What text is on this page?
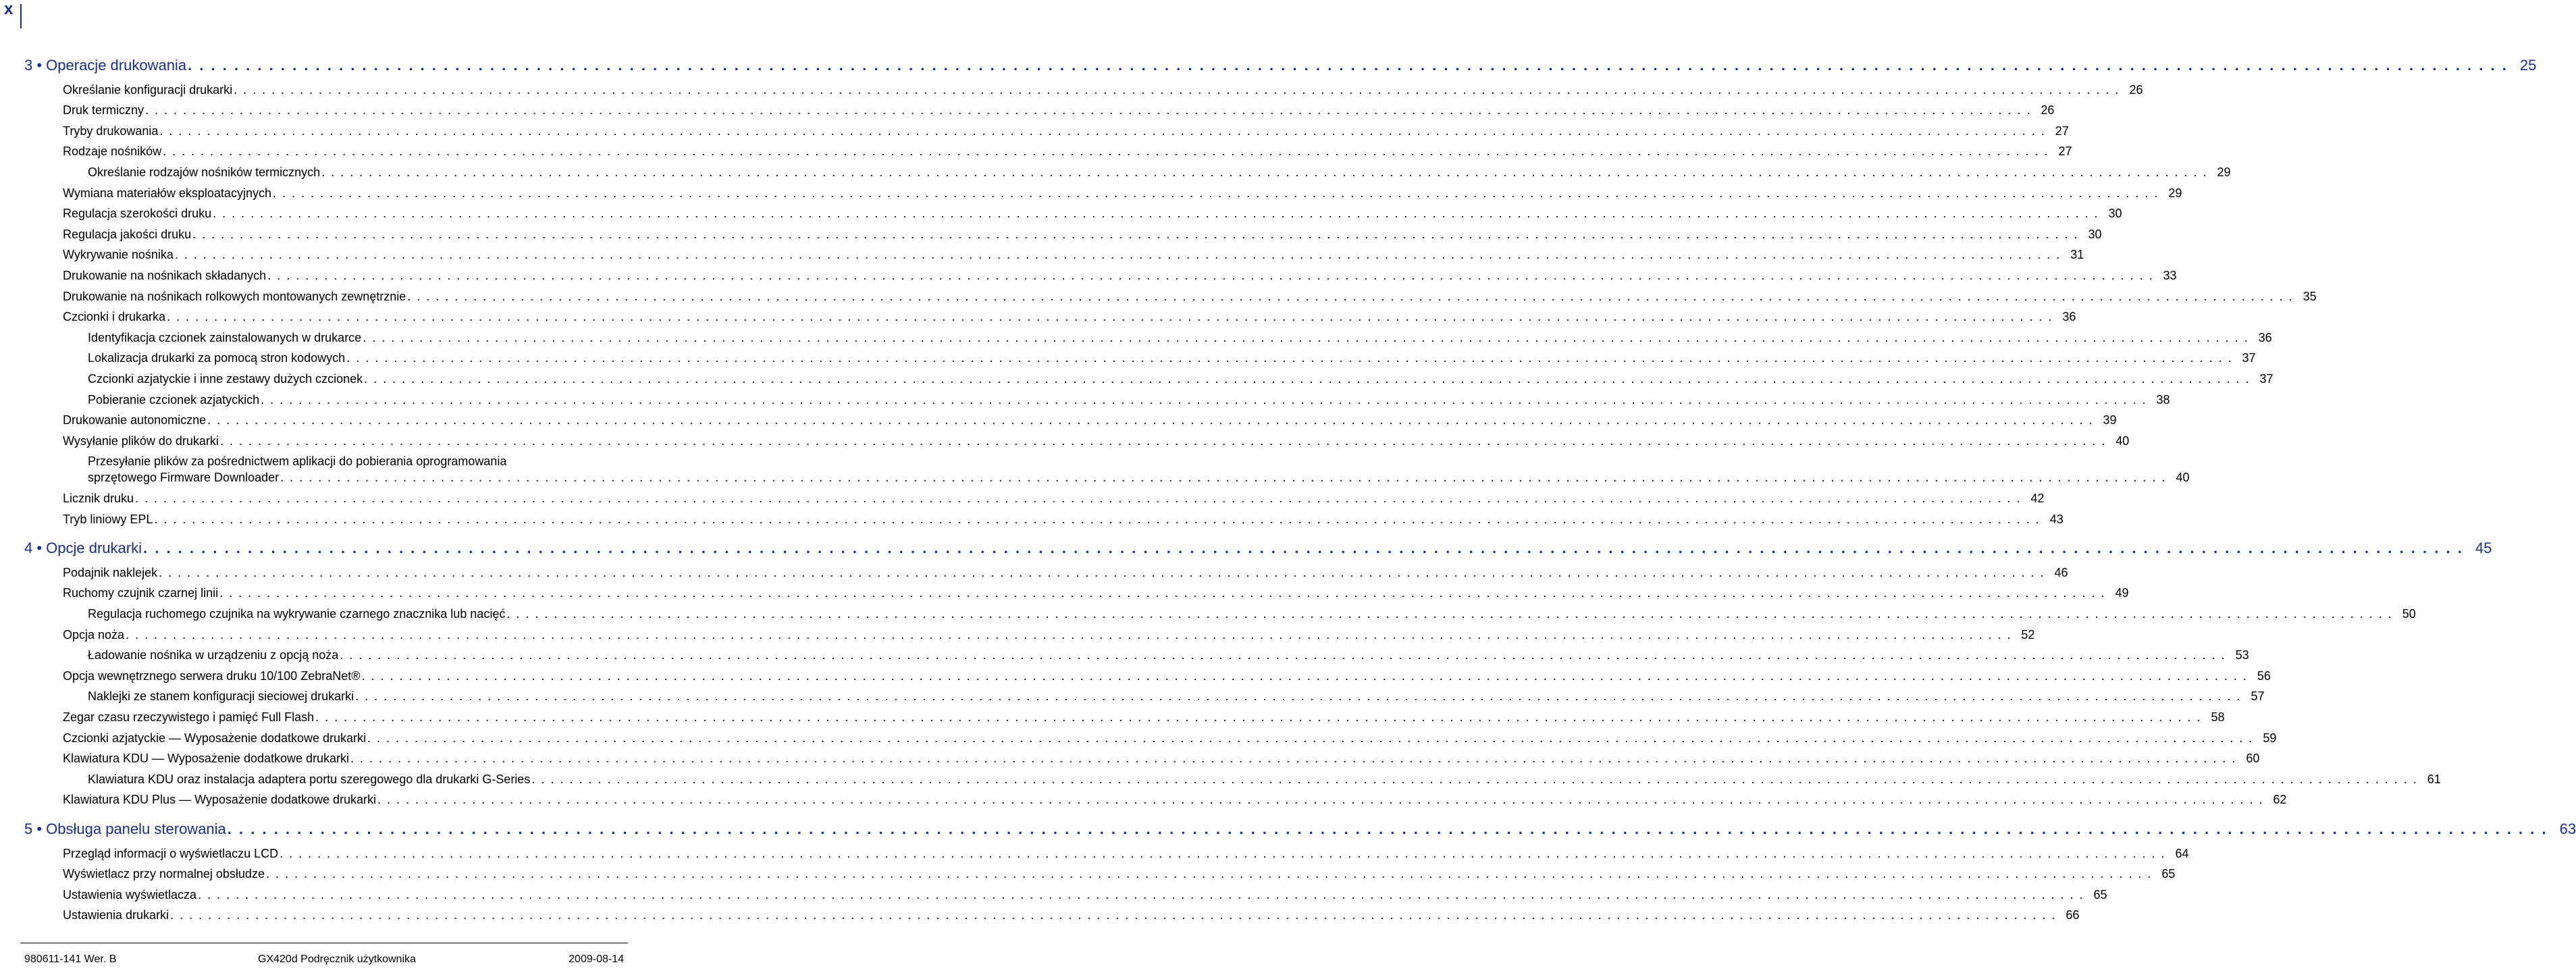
x
3 • Operacje drukowania . . . . . . . . . . . . . . . . . . . . . . . . . . . . . . . . . . . . . . . . . . . . . . . . . . . . . . . . . . . . . . . . . . . . . . . . . . . . . . . . . . . . . . . . . . . . . . . . . . . . . . . . . . . . . . . . . . . . . . . . . . . . . . . . . . . . . . . . . . . . . . . . . . . . . . . . . . . . . . . . . . . . . . . . . . . . . . . . . . . . . . . . . . . . . . . . . . . . . . . . 25
Określanie konfiguracji drukarki . . . . . . . . . . . . . . . . . . . . . . . . . . . . . . . . . . . . . . . . . . . . . . . . . . . . . . . . . . . . . . . . . . . . . . . . . . . . . . . . . . . . . . . . . . . . . . . . . . . . . . . . . . . . . . . . . . . . . . . . . . . . . . . . . . . . . . . . . . . . . . . . . . . . . . . . . . . . . . . . . . . . . . . . . . . . . . . . . . . . . . . . . . . . . . . . . . . . . . . . 26
Druk termiczny . . . . . . . . . . . . . . . . . . . . . . . . . . . . . . . . . . . . . . . . . . . . . . . . . . . . . . . . . . . . . . . . . . . . . . . . . . . . . . . . . . . . . . . . . . . . . . . . . . . . . . . . . . . . . . . . . . . . . . . . . . . . . . . . . . . . . . . . . . . . . . . . . . . . . . . . . . . . . . . . . . . . . . . . . . . . . . . . . . . . . . . . . . . . . . . . . . . . . . . . 26
Tryby drukowania . . . . . . . . . . . . . . . . . . . . . . . . . . . . . . . . . . . . . . . . . . . . . . . . . . . . . . . . . . . . . . . . . . . . . . . . . . . . . . . . . . . . . . . . . . . . . . . . . . . . . . . . . . . . . . . . . . . . . . . . . . . . . . . . . . . . . . . . . . . . . . . . . . . . . . . . . . . . . . . . . . . . . . . . . . . . . . . . . . . . . . . . . . . . . . . . . . . . . . . . 27
Rodzaje nośników . . . . . . . . . . . . . . . . . . . . . . . . . . . . . . . . . . . . . . . . . . . . . . . . . . . . . . . . . . . . . . . . . . . . . . . . . . . . . . . . . . . . . . . . . . . . . . . . . . . . . . . . . . . . . . . . . . . . . . . . . . . . . . . . . . . . . . . . . . . . . . . . . . . . . . . . . . . . . . . . . . . . . . . . . . . . . . . . . . . . . . . . . . . . . . . . . . . . . . . . 27
Określanie rodzajów nośników termicznych . . . . . . . . . . . . . . . . . . . . . . . . . . . . . . . . . . . . . . . . . . . . . . . . . . . . . . . . . . . . . . . . . . . . . . . . . . . . . . . . . . . . . . . . . . . . . . . . . . . . . . . . . . . . . . . . . . . . . . . . . . . . . . . . . . . . . . . . . . . . . . . . . . . . . . . . . . . . . . . . . . . . . . . . . . . . . . . . . . . . . . . . . . . . . . . . . . . . . . . . 29
Wymiana materiałów eksploatacyjnych . . . . . . . . . . . . . . . . . . . . . . . . . . . . . . . . . . . . . . . . . . . . . . . . . . . . . . . . . . . . . . . . . . . . . . . . . . . . . . . . . . . . . . . . . . . . . . . . . . . . . . . . . . . . . . . . . . . . . . . . . . . . . . . . . . . . . . . . . . . . . . . . . . . . . . . . . . . . . . . . . . . . . . . . . . . . . . . . . . . . . . . . . . . . . . . . . . . . . . . . 29
Regulacja szerokości druku . . . . . . . . . . . . . . . . . . . . . . . . . . . . . . . . . . . . . . . . . . . . . . . . . . . . . . . . . . . . . . . . . . . . . . . . . . . . . . . . . . . . . . . . . . . . . . . . . . . . . . . . . . . . . . . . . . . . . . . . . . . . . . . . . . . . . . . . . . . . . . . . . . . . . . . . . . . . . . . . . . . . . . . . . . . . . . . . . . . . . . . . . . . . . . . . . . . . . . . . 30
Regulacja jakości druku . . . . . . . . . . . . . . . . . . . . . . . . . . . . . . . . . . . . . . . . . . . . . . . . . . . . . . . . . . . . . . . . . . . . . . . . . . . . . . . . . . . . . . . . . . . . . . . . . . . . . . . . . . . . . . . . . . . . . . . . . . . . . . . . . . . . . . . . . . . . . . . . . . . . . . . . . . . . . . . . . . . . . . . . . . . . . . . . . . . . . . . . . . . . . . . . . . . . . . . . 30
Wykrywanie nośnika . . . . . . . . . . . . . . . . . . . . . . . . . . . . . . . . . . . . . . . . . . . . . . . . . . . . . . . . . . . . . . . . . . . . . . . . . . . . . . . . . . . . . . . . . . . . . . . . . . . . . . . . . . . . . . . . . . . . . . . . . . . . . . . . . . . . . . . . . . . . . . . . . . . . . . . . . . . . . . . . . . . . . . . . . . . . . . . . . . . . . . . . . . . . . . . . . . . . . . . . 31
Drukowanie na nośnikach składanych . . . . . . . . . . . . . . . . . . . . . . . . . . . . . . . . . . . . . . . . . . . . . . . . . . . . . . . . . . . . . . . . . . . . . . . . . . . . . . . . . . . . . . . . . . . . . . . . . . . . . . . . . . . . . . . . . . . . . . . . . . . . . . . . . . . . . . . . . . . . . . . . . . . . . . . . . . . . . . . . . . . . . . . . . . . . . . . . . . . . . . . . . . . . . . . . . . . . . . . . 33
Drukowanie na nośnikach rolkowych montowanych zewnętrznie . . . . . . . . . . . . . . . . . . . . . . . . . . . . . . . . . . . . . . . . . . . . . . . . . . . . . . . . . . . . . . . . . . . . . . . . . . . . . . . . . . . . . . . . . . . . . . . . . . . . . . . . . . . . . . . . . . . . . . . . . . . . . . . . . . . . . . . . . . . . . . . . . . . . . . . . . . . . . . . . . . . . . . . . . . . . . . . . . . . . . . . . . . . . . . . . . . . . . . . . 35
Czcionki i drukarka . . . . . . . . . . . . . . . . . . . . . . . . . . . . . . . . . . . . . . . . . . . . . . . . . . . . . . . . . . . . . . . . . . . . . . . . . . . . . . . . . . . . . . . . . . . . . . . . . . . . . . . . . . . . . . . . . . . . . . . . . . . . . . . . . . . . . . . . . . . . . . . . . . . . . . . . . . . . . . . . . . . . . . . . . . . . . . . . . . . . . . . . . . . . . . . . . . . . . . . . 36
Identyfikacja czcionek zainstalowanych w drukarce . . . . . . . . . . . . . . . . . . . . . . . . . . . . . . . . . . . . . . . . . . . . . . . . . . . . . . . . . . . . . . . . . . . . . . . . . . . . . . . . . . . . . . . . . . . . . . . . . . . . . . . . . . . . . . . . . . . . . . . . . . . . . . . . . . . . . . . . . . . . . . . . . . . . . . . . . . . . . . . . . . . . . . . . . . . . . . . . . . . . . . . . . . . . . . . . . . . . . . . . 36
Lokalizacja drukarki za pomocą stron kodowych . . . . . . . . . . . . . . . . . . . . . . . . . . . . . . . . . . . . . . . . . . . . . . . . . . . . . . . . . . . . . . . . . . . . . . . . . . . . . . . . . . . . . . . . . . . . . . . . . . . . . . . . . . . . . . . . . . . . . . . . . . . . . . . . . . . . . . . . . . . . . . . . . . . . . . . . . . . . . . . . . . . . . . . . . . . . . . . . . . . . . . . . . . . . . . . . . . . . . . . . 37
Czcionki azjatyckie i inne zestawy dużych czcionek . . . . . . . . . . . . . . . . . . . . . . . . . . . . . . . . . . . . . . . . . . . . . . . . . . . . . . . . . . . . . . . . . . . . . . . . . . . . . . . . . . . . . . . . . . . . . . . . . . . . . . . . . . . . . . . . . . . . . . . . . . . . . . . . . . . . . . . . . . . . . . . . . . . . . . . . . . . . . . . . . . . . . . . . . . . . . . . . . . . . . . . . . . . . . . . . . . . . . . . . 37
Pobieranie czcionek azjatyckich . . . . . . . . . . . . . . . . . . . . . . . . . . . . . . . . . . . . . . . . . . . . . . . . . . . . . . . . . . . . . . . . . . . . . . . . . . . . . . . . . . . . . . . . . . . . . . . . . . . . . . . . . . . . . . . . . . . . . . . . . . . . . . . . . . . . . . . . . . . . . . . . . . . . . . . . . . . . . . . . . . . . . . . . . . . . . . . . . . . . . . . . . . . . . . . . . . . . . . . . 38
Drukowanie autonomiczne . . . . . . . . . . . . . . . . . . . . . . . . . . . . . . . . . . . . . . . . . . . . . . . . . . . . . . . . . . . . . . . . . . . . . . . . . . . . . . . . . . . . . . . . . . . . . . . . . . . . . . . . . . . . . . . . . . . . . . . . . . . . . . . . . . . . . . . . . . . . . . . . . . . . . . . . . . . . . . . . . . . . . . . . . . . . . . . . . . . . . . . . . . . . . . . . . . . . . . . . 39
Wysyłanie plików do drukarki . . . . . . . . . . . . . . . . . . . . . . . . . . . . . . . . . . . . . . . . . . . . . . . . . . . . . . . . . . . . . . . . . . . . . . . . . . . . . . . . . . . . . . . . . . . . . . . . . . . . . . . . . . . . . . . . . . . . . . . . . . . . . . . . . . . . . . . . . . . . . . . . . . . . . . . . . . . . . . . . . . . . . . . . . . . . . . . . . . . . . . . . . . . . . . . . . . . . . . . . 40
Przesyłanie plików za pośrednictwem aplikacji do pobierania oprogramowania
sprzętowego Firmware Downloader . . . . . . . . . . . . . . . . . . . . . . . . . . . . . . . . . . . . . . . . . . . . . . . . . . . . . . . . . . . . . . . . . . . . . . . . . . . . . . . . . . . . . . . . . . . . . . . . . . . . . . . . . . . . . . . . . . . . . . . . . . . . . . . . . . . . . . . . . . . . . . . . . . . . . . . . . . . . . . . . . . . . . . . . . . . . . . . . . . . . . . . . . . . . . . . . . . . . . . . . 40
Licznik druku . . . . . . . . . . . . . . . . . . . . . . . . . . . . . . . . . . . . . . . . . . . . . . . . . . . . . . . . . . . . . . . . . . . . . . . . . . . . . . . . . . . . . . . . . . . . . . . . . . . . . . . . . . . . . . . . . . . . . . . . . . . . . . . . . . . . . . . . . . . . . . . . . . . . . . . . . . . . . . . . . . . . . . . . . . . . . . . . . . . . . . . . . . . . . . . . . . . . . . . . 42
Tryb liniowy EPL . . . . . . . . . . . . . . . . . . . . . . . . . . . . . . . . . . . . . . . . . . . . . . . . . . . . . . . . . . . . . . . . . . . . . . . . . . . . . . . . . . . . . . . . . . . . . . . . . . . . . . . . . . . . . . . . . . . . . . . . . . . . . . . . . . . . . . . . . . . . . . . . . . . . . . . . . . . . . . . . . . . . . . . . . . . . . . . . . . . . . . . . . . . . . . . . . . . . . . . . 43
4 • Opcje drukarki . . . . . . . . . . . . . . . . . . . . . . . . . . . . . . . . . . . . . . . . . . . . . . . . . . . . . . . . . . . . . . . . . . . . . . . . . . . . . . . . . . . . . . . . . . . . . . . . . . . . . . . . . . . . . . . . . . . . . . . . . . . . . . . . . . . . . . . . . . . . . . . . . . . . . . . . . . . . . . . . . . . . . . . . . . . . . . . . . . . . . . . . . . . . . . . . . . . . . . . . 45
Podajnik naklejek . . . . . . . . . . . . . . . . . . . . . . . . . . . . . . . . . . . . . . . . . . . . . . . . . . . . . . . . . . . . . . . . . . . . . . . . . . . . . . . . . . . . . . . . . . . . . . . . . . . . . . . . . . . . . . . . . . . . . . . . . . . . . . . . . . . . . . . . . . . . . . . . . . . . . . . . . . . . . . . . . . . . . . . . . . . . . . . . . . . . . . . . . . . . . . . . . . . . . . . . 46
Ruchomy czujnik czarnej linii . . . . . . . . . . . . . . . . . . . . . . . . . . . . . . . . . . . . . . . . . . . . . . . . . . . . . . . . . . . . . . . . . . . . . . . . . . . . . . . . . . . . . . . . . . . . . . . . . . . . . . . . . . . . . . . . . . . . . . . . . . . . . . . . . . . . . . . . . . . . . . . . . . . . . . . . . . . . . . . . . . . . . . . . . . . . . . . . . . . . . . . . . . . . . . . . . . . . . . . . 49
Regulacja ruchomego czujnika na wykrywanie czarnego znacznika lub nacięć . . . . . . . . . . . . . . . . . . . . . . . . . . . . . . . . . . . . . . . . . . . . . . . . . . . . . . . . . . . . . . . . . . . . . . . . . . . . . . . . . . . . . . . . . . . . . . . . . . . . . . . . . . . . . . . . . . . . . . . . . . . . . . . . . . . . . . . . . . . . . . . . . . . . . . . . . . . . . . . . . . . . . . . . . . . . . . . . . . . . . . . . . . . . . . . . . . . . . . . . 50
Opcja noża . . . . . . . . . . . . . . . . . . . . . . . . . . . . . . . . . . . . . . . . . . . . . . . . . . . . . . . . . . . . . . . . . . . . . . . . . . . . . . . . . . . . . . . . . . . . . . . . . . . . . . . . . . . . . . . . . . . . . . . . . . . . . . . . . . . . . . . . . . . . . . . . . . . . . . . . . . . . . . . . . . . . . . . . . . . . . . . . . . . . . . . . . . . . . . . . . . . . . . . . 52
Ładowanie nośnika w urządzeniu z opcją noża . . . . . . . . . . . . . . . . . . . . . . . . . . . . . . . . . . . . . . . . . . . . . . . . . . . . . . . . . . . . . . . . . . . . . . . . . . . . . . . . . . . . . . . . . . . . . . . . . . . . . . . . . . . . . . . . . . . . . . . . . . . . . . . . . . . . . . . . . . . . . . . . . . . . . . . . . . . . . . . . . . . . . . . . . . . . . . . . . . . . . . . . . . . . . . . . . . . . . . . . 53
Opcja wewnętrznego serwera druku 10/100 ZebraNet® . . . . . . . . . . . . . . . . . . . . . . . . . . . . . . . . . . . . . . . . . . . . . . . . . . . . . . . . . . . . . . . . . . . . . . . . . . . . . . . . . . . . . . . . . . . . . . . . . . . . . . . . . . . . . . . . . . . . . . . . . . . . . . . . . . . . . . . . . . . . . . . . . . . . . . . . . . . . . . . . . . . . . . . . . . . . . . . . . . . . . . . . . . . . . . . . . . . . . . . . 56
Naklejki ze stanem konfiguracji sieciowej drukarki . . . . . . . . . . . . . . . . . . . . . . . . . . . . . . . . . . . . . . . . . . . . . . . . . . . . . . . . . . . . . . . . . . . . . . . . . . . . . . . . . . . . . . . . . . . . . . . . . . . . . . . . . . . . . . . . . . . . . . . . . . . . . . . . . . . . . . . . . . . . . . . . . . . . . . . . . . . . . . . . . . . . . . . . . . . . . . . . . . . . . . . . . . . . . . . . . . . . . . . . 57
Zegar czasu rzeczywistego i pamięć Full Flash . . . . . . . . . . . . . . . . . . . . . . . . . . . . . . . . . . . . . . . . . . . . . . . . . . . . . . . . . . . . . . . . . . . . . . . . . . . . . . . . . . . . . . . . . . . . . . . . . . . . . . . . . . . . . . . . . . . . . . . . . . . . . . . . . . . . . . . . . . . . . . . . . . . . . . . . . . . . . . . . . . . . . . . . . . . . . . . . . . . . . . . . . . . . . . . . . . . . . . . . 58
Czcionki azjatyckie — Wyposażenie dodatkowe drukarki . . . . . . . . . . . . . . . . . . . . . . . . . . . . . . . . . . . . . . . . . . . . . . . . . . . . . . . . . . . . . . . . . . . . . . . . . . . . . . . . . . . . . . . . . . . . . . . . . . . . . . . . . . . . . . . . . . . . . . . . . . . . . . . . . . . . . . . . . . . . . . . . . . . . . . . . . . . . . . . . . . . . . . . . . . . . . . . . . . . . . . . . . . . . . . . . . . . . . . . . 59
Klawiatura KDU — Wyposażenie dodatkowe drukarki . . . . . . . . . . . . . . . . . . . . . . . . . . . . . . . . . . . . . . . . . . . . . . . . . . . . . . . . . . . . . . . . . . . . . . . . . . . . . . . . . . . . . . . . . . . . . . . . . . . . . . . . . . . . . . . . . . . . . . . . . . . . . . . . . . . . . . . . . . . . . . . . . . . . . . . . . . . . . . . . . . . . . . . . . . . . . . . . . . . . . . . . . . . . . . . . . . . . . . . . 60
Klawiatura KDU oraz instalacja adaptera portu szeregowego dla drukarki G-Series . . . . . . . . . . . . . . . . . . . . . . . . . . . . . . . . . . . . . . . . . . . . . . . . . . . . . . . . . . . . . . . . . . . . . . . . . . . . . . . . . . . . . . . . . . . . . . . . . . . . . . . . . . . . . . . . . . . . . . . . . . . . . . . . . . . . . . . . . . . . . . . . . . . . . . . . . . . . . . . . . . . . . . . . . . . . . . . . . . . . . . . . . . . . . . . . . . . . . . . . 61
Klawiatura KDU Plus — Wyposażenie dodatkowe drukarki . . . . . . . . . . . . . . . . . . . . . . . . . . . . . . . . . . . . . . . . . . . . . . . . . . . . . . . . . . . . . . . . . . . . . . . . . . . . . . . . . . . . . . . . . . . . . . . . . . . . . . . . . . . . . . . . . . . . . . . . . . . . . . . . . . . . . . . . . . . . . . . . . . . . . . . . . . . . . . . . . . . . . . . . . . . . . . . . . . . . . . . . . . . . . . . . . . . . . . . . 62
5 • Obsługa panelu sterowania . . . . . . . . . . . . . . . . . . . . . . . . . . . . . . . . . . . . . . . . . . . . . . . . . . . . . . . . . . . . . . . . . . . . . . . . . . . . . . . . . . . . . . . . . . . . . . . . . . . . . . . . . . . . . . . . . . . . . . . . . . . . . . . . . . . . . . . . . . . . . . . . . . . . . . . . . . . . . . . . . . . . . . . . . . . . . . . . . . . . . . . . . . . . . . . . . . . . . . . . 63
Przegląd informacji o wyświetlaczu LCD . . . . . . . . . . . . . . . . . . . . . . . . . . . . . . . . . . . . . . . . . . . . . . . . . . . . . . . . . . . . . . . . . . . . . . . . . . . . . . . . . . . . . . . . . . . . . . . . . . . . . . . . . . . . . . . . . . . . . . . . . . . . . . . . . . . . . . . . . . . . . . . . . . . . . . . . . . . . . . . . . . . . . . . . . . . . . . . . . . . . . . . . . . . . . . . . . . . . . . . . 64
Wyświetlacz przy normalnej obsłudze . . . . . . . . . . . . . . . . . . . . . . . . . . . . . . . . . . . . . . . . . . . . . . . . . . . . . . . . . . . . . . . . . . . . . . . . . . . . . . . . . . . . . . . . . . . . . . . . . . . . . . . . . . . . . . . . . . . . . . . . . . . . . . . . . . . . . . . . . . . . . . . . . . . . . . . . . . . . . . . . . . . . . . . . . . . . . . . . . . . . . . . . . . . . . . . . . . . . . . . . 65
Ustawienia wyświetlacza . . . . . . . . . . . . . . . . . . . . . . . . . . . . . . . . . . . . . . . . . . . . . . . . . . . . . . . . . . . . . . . . . . . . . . . . . . . . . . . . . . . . . . . . . . . . . . . . . . . . . . . . . . . . . . . . . . . . . . . . . . . . . . . . . . . . . . . . . . . . . . . . . . . . . . . . . . . . . . . . . . . . . . . . . . . . . . . . . . . . . . . . . . . . . . . . . . . . . . . . 65
Ustawienia drukarki . . . . . . . . . . . . . . . . . . . . . . . . . . . . . . . . . . . . . . . . . . . . . . . . . . . . . . . . . . . . . . . . . . . . . . . . . . . . . . . . . . . . . . . . . . . . . . . . . . . . . . . . . . . . . . . . . . . . . . . . . . . . . . . . . . . . . . . . . . . . . . . . . . . . . . . . . . . . . . . . . . . . . . . . . . . . . . . . . . . . . . . . . . . . . . . . . . . . . . . . 66
980611-141 Wer. B	GX420d Podręcznik użytkownika	2009-08-14
